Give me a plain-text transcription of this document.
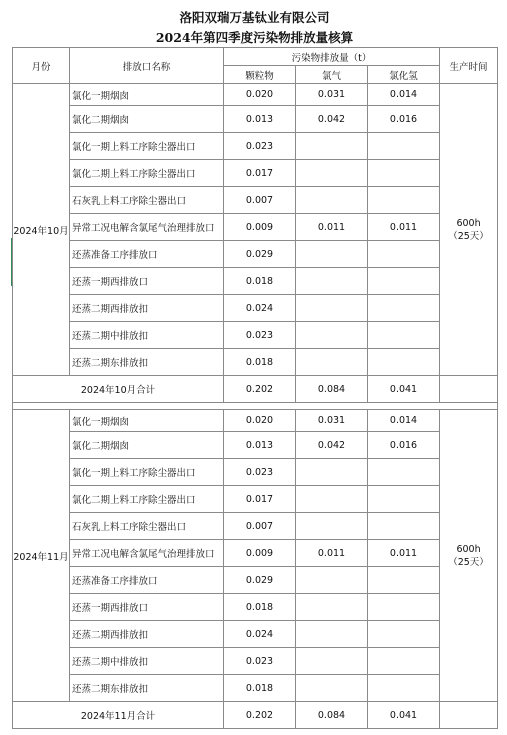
洛阳双瑞万基钛业有限公司
2024年第四季度污染物排放量核算
月份	排放口名称	污染物排放量（t）			生产时间
		颗粒物	氯气	氯化氢	
2024年10月	氯化一期烟囱	0.020	0.031	0.014	600h
（25天）
	氯化二期烟囱	0.013	0.042	0.016	
	氯化一期上料工序除尘器出口	0.023			
	氯化二期上料工序除尘器出口	0.017			
	石灰乳上料工序除尘器出口	0.007			
	异常工况电解含氯尾气治理排放口	0.009	0.011	0.011	
	还蒸准备工序排放口	0.029			
	还蒸一期西排放口	0.018			
	还蒸二期西排放扣	0.024			
	还蒸二期中排放扣	0.023			
	还蒸二期东排放扣	0.018			
2024年10月合计		0.202	0.084	0.041	

2024年11月	氯化一期烟囱	0.020	0.031	0.014	600h
（25天）
	氯化二期烟囱	0.013	0.042	0.016	
	氯化一期上料工序除尘器出口	0.023			
	氯化二期上料工序除尘器出口	0.017			
	石灰乳上料工序除尘器出口	0.007			
	异常工况电解含氯尾气治理排放口	0.009	0.011	0.011	
	还蒸准备工序排放口	0.029			
	还蒸一期西排放口	0.018			
	还蒸二期西排放扣	0.024			
	还蒸二期中排放扣	0.023			
	还蒸二期东排放扣	0.018			
2024年11月合计		0.202	0.084	0.041	
